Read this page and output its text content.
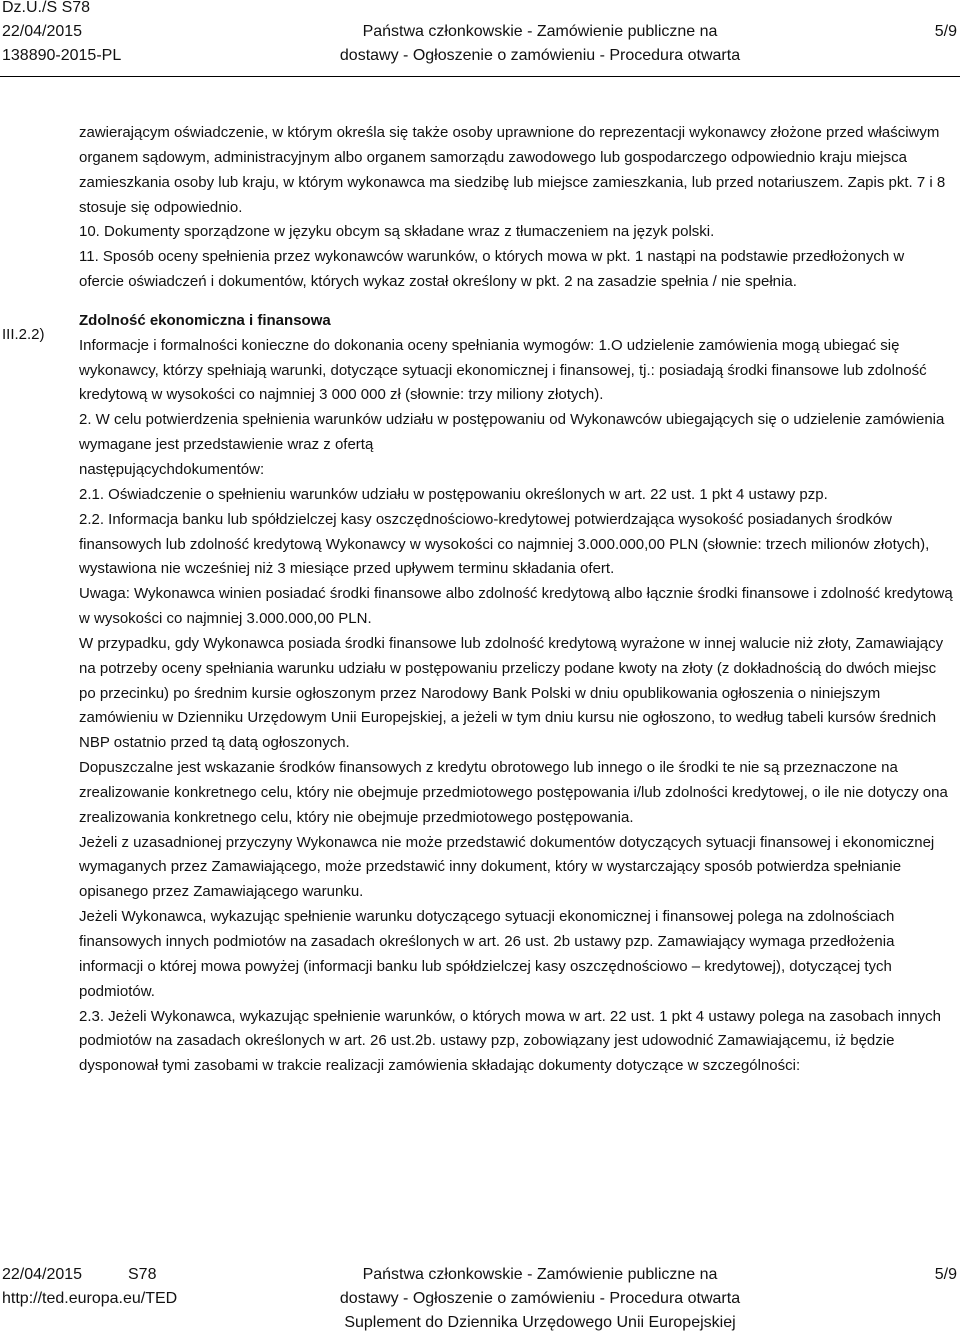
Dz.U./S S78
22/04/2015
138890-2015-PL
Państwa członkowskie - Zamówienie publiczne na
dostawy - Ogłoszenie o zamówieniu - Procedura otwarta
5/9
III.2.2)

zawierającym oświadczenie, w którym określa się także osoby uprawnione do reprezentacji wykonawcy złożone przed właściwym organem sądowym, administracyjnym albo organem samorządu zawodowego lub gospodarczego odpowiednio kraju miejsca zamieszkania osoby lub kraju, w którym wykonawca ma siedzibę lub miejsce zamieszkania, lub przed notariuszem. Zapis pkt. 7 i 8 stosuje się odpowiednio.

10. Dokumenty sporządzone w języku obcym są składane wraz z tłumaczeniem na język polski.

11. Sposób oceny spełnienia przez wykonawców warunków, o których mowa w pkt. 1 nastąpi na podstawie przedłożonych w ofercie oświadczeń i dokumentów, których wykaz został określony w pkt. 2 na zasadzie spełnia / nie spełnia.

Zdolność ekonomiczna i finansowa

Informacje i formalności konieczne do dokonania oceny spełniania wymogów: 1.O udzielenie zamówienia mogą ubiegać się wykonawcy, którzy spełniają warunki, dotyczące sytuacji ekonomicznej i finansowej, tj.: posiadają środki finansowe lub zdolność kredytową w wysokości co najmniej 3 000 000 zł (słownie: trzy miliony złotych).

2. W celu potwierdzenia spełnienia warunków udziału w postępowaniu od Wykonawców ubiegających się o udzielenie zamówienia wymagane jest przedstawienie wraz z ofertą

następującychdokumentów:

2.1. Oświadczenie o spełnieniu warunków udziału w postępowaniu określonych w art. 22 ust. 1 pkt 4 ustawy pzp.

2.2. Informacja banku lub spółdzielczej kasy oszczędnościowo-kredytowej potwierdzająca wysokość posiadanych środków finansowych lub zdolność kredytową Wykonawcy w wysokości co najmniej 3.000.000,00 PLN (słownie: trzech milionów złotych), wystawiona nie wcześniej niż 3 miesiące przed upływem terminu składania ofert.

Uwaga: Wykonawca winien posiadać środki finansowe albo zdolność kredytową albo łącznie środki finansowe i zdolność kredytową w wysokości co najmniej 3.000.000,00 PLN.

W przypadku, gdy Wykonawca posiada środki finansowe lub zdolność kredytową wyrażone w innej walucie niż złoty, Zamawiający na potrzeby oceny spełniania warunku udziału w postępowaniu przeliczy podane kwoty na złoty (z dokładnością do dwóch miejsc po przecinku) po średnim kursie ogłoszonym przez Narodowy Bank Polski w dniu opublikowania ogłoszenia o niniejszym zamówieniu w Dzienniku Urzędowym Unii Europejskiej, a jeżeli w tym dniu kursu nie ogłoszono, to według tabeli kursów średnich NBP ostatnio przed tą datą ogłoszonych.

Dopuszczalne jest wskazanie środków finansowych z kredytu obrotowego lub innego o ile środki te nie są przeznaczone na zrealizowanie konkretnego celu, który nie obejmuje przedmiotowego postępowania i/lub zdolności kredytowej, o ile nie dotyczy ona zrealizowania konkretnego celu, który nie obejmuje przedmiotowego postępowania.

Jeżeli z uzasadnionej przyczyny Wykonawca nie może przedstawić dokumentów dotyczących sytuacji finansowej i ekonomicznej wymaganych przez Zamawiającego, może przedstawić inny dokument, który w wystarczający sposób potwierdza spełnianie opisanego przez Zamawiającego warunku.

Jeżeli Wykonawca, wykazując spełnienie warunku dotyczącego sytuacji ekonomicznej i finansowej polega na zdolnościach finansowych innych podmiotów na zasadach określonych w art. 26 ust. 2b ustawy pzp. Zamawiający wymaga przedłożenia informacji o której mowa powyżej (informacji banku lub spółdzielczej kasy oszczędnościowo – kredytowej), dotyczącej tych podmiotów.

2.3. Jeżeli Wykonawca, wykazując spełnienie warunków, o których mowa w art. 22 ust. 1 pkt 4 ustawy polega na zasobach innych podmiotów na zasadach określonych w art. 26 ust.2b. ustawy pzp, zobowiązany jest udowodnić Zamawiającemu, iż będzie dysponował tymi zasobami w trakcie realizacji zamówienia składając dokumenty dotyczące w szczególności:

22/04/2015	S78
http://ted.europa.eu/TED
Państwa członkowskie - Zamówienie publiczne na
dostawy - Ogłoszenie o zamówieniu - Procedura otwarta
Suplement do Dziennika Urzędowego Unii Europejskiej
5/9
